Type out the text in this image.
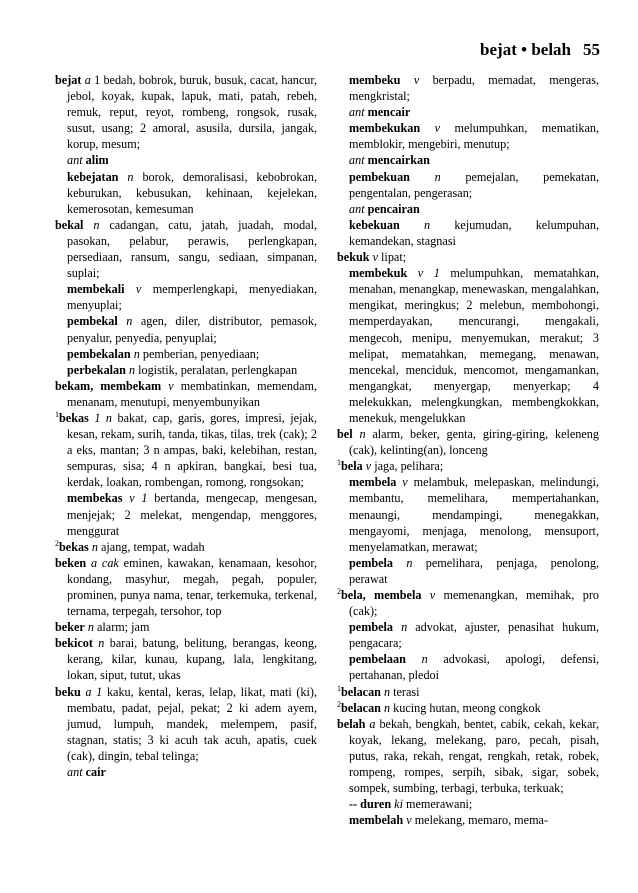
bejat • belah 55
bejat a 1 bedah, bobrok, buruk, busuk, cacat, hancur, jebol, koyak, kupak, lapuk, mati, patah, rebeh, remuk, reput, reyot, rombeng, rongsok, rusak, susut, usang; 2 amoral, asusila, dursila, jangak, korup, mesum;
ant alim
kebejatan n borok, demoralisasi, kebobrokan, keburukan, kebusukan, kehinaan, kejelekan, kemerosotan, kemesuman
bekal n cadangan, catu, jatah, juadah, modal, pasokan, pelabur, perawis, perlengkapan, persediaan, ransum, sangu, sediaan, simpanan, suplai;
membekali v memperlengkapi, menyediakan, menyuplai;
pembekal n agen, diler, distributor, pemasok, penyalur, penyedia, penyuplai;
pembekalan n pemberian, penyediaan;
perbekalan n logistik, peralatan, perlengkapan
bekam, membekam v membatinkan, memendam, menanam, menutupi, menyembunyikan
$^1$bekas 1 n bakat, cap, garis, gores, impresi, jejak, kesan, rekam, surih, tanda, tikas, tilas, trek (cak); 2 a eks, mantan; 3 n ampas, baki, kelebihan, restan, sempuras, sisa; 4 n apkiran, bangkai, besi tua, kerdak, loakan, rombengan, romong, rongsokan;
membekas v 1 bertanda, mengecap, mengesan, menjejak; 2 melekat, mengendap, menggores, menggurat
$^2$bekas n ajang, tempat, wadah
beken a cak eminen, kawakan, kenamaan, kesohor, kondang, masyhur, megah, pegah, populer, prominen, punya nama, tenar, terkemuka, terkenal, ternama, terpegah, tersohor, top
beker n alarm; jam
bekicot n barai, batung, belitung, berangas, keong, kerang, kilar, kunau, kupang, lala, lengkitang, lokan, siput, tutut, ukas
beku a 1 kaku, kental, keras, lelap, likat, mati (ki), membatu, padat, pejal, pekat; 2 ki adem ayem, jumud, lumpuh, mandek, melempem, pasif, stagnan, statis; 3 ki acuh tak acuh, apatis, cuek (cak), dingin, tebal telinga;
ant cair
membeku v berpadu, memadat, mengeras, mengkristal;
ant mencair
membekukan v melumpuhkan, mematikan, memblokir, mengebiri, menutup;
ant mencairkan
pembekuan n pemejalan, pemekatan, pengentalan, pengerasan;
ant pencairan
kebekuan n kejumudan, kelumpuhan, kemandekan, stagnasi
bekuk v lipat;
membekuk v 1 melumpuhkan, mematahkan, menahan, menangkap, menewaskan, mengalahkan, mengikat, meringkus; 2 melebun, membohongi, memperdayakan, mencurangi, mengakali, mengecoh, menipu, menyemukan, merakut; 3 melipat, mematahkan, memegang, menawan, mencekal, menciduk, mencomot, mengamankan, mengangkat, menyergap, menyerkap; 4 melekukkan, melengkungkan, membengkokkan, menekuk, mengelukkan
bel n alarm, beker, genta, giring-giring, keleneng (cak), kelinting(an), lonceng
$^1$bela v jaga, pelihara;
membela v melambuk, melepaskan, melindungi, membantu, memelihara, mempertahankan, menaungi, mendampingi, menegakkan, mengayomi, menjaga, menolong, mensuport, menyelamatkan, merawat;
pembela n pemelihara, penjaga, penolong, perawat
$^2$bela, membela v memenangkan, memihak, pro (cak);
pembela n advokat, ajuster, penasihat hukum, pengacara;
pembelaan n advokasi, apologi, defensi, pertahanan, pledoi
$^1$belacan n terasi
$^2$belacan n kucing hutan, meong congkok
belah a bekah, bengkah, bentet, cabik, cekah, kekar, koyak, lekang, melekang, paro, pecah, pisah, putus, raka, rekah, rengat, rengkah, retak, robek, rompeng, rompes, serpih, sibak, sigar, sobek, sompek, sumbing, terbagi, terbuka, terkuak;
-- duren ki memerawani;
membelah v melekang, memaro, mema-
